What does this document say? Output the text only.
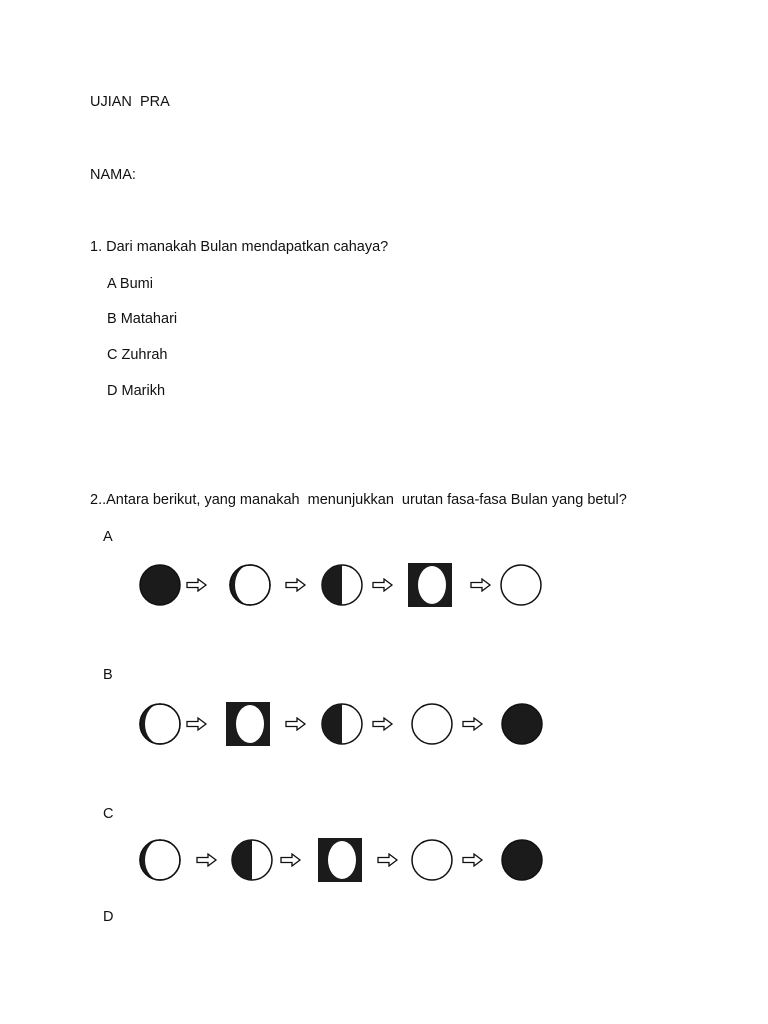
UJIAN  PRA
NAMA:
1. Dari manakah Bulan mendapatkan cahaya?
A Bumi
B Matahari
C Zuhrah
D Marikh
2..Antara berikut, yang manakah  menunjukkan  urutan fasa-fasa Bulan yang betul?
A
B
C
D
